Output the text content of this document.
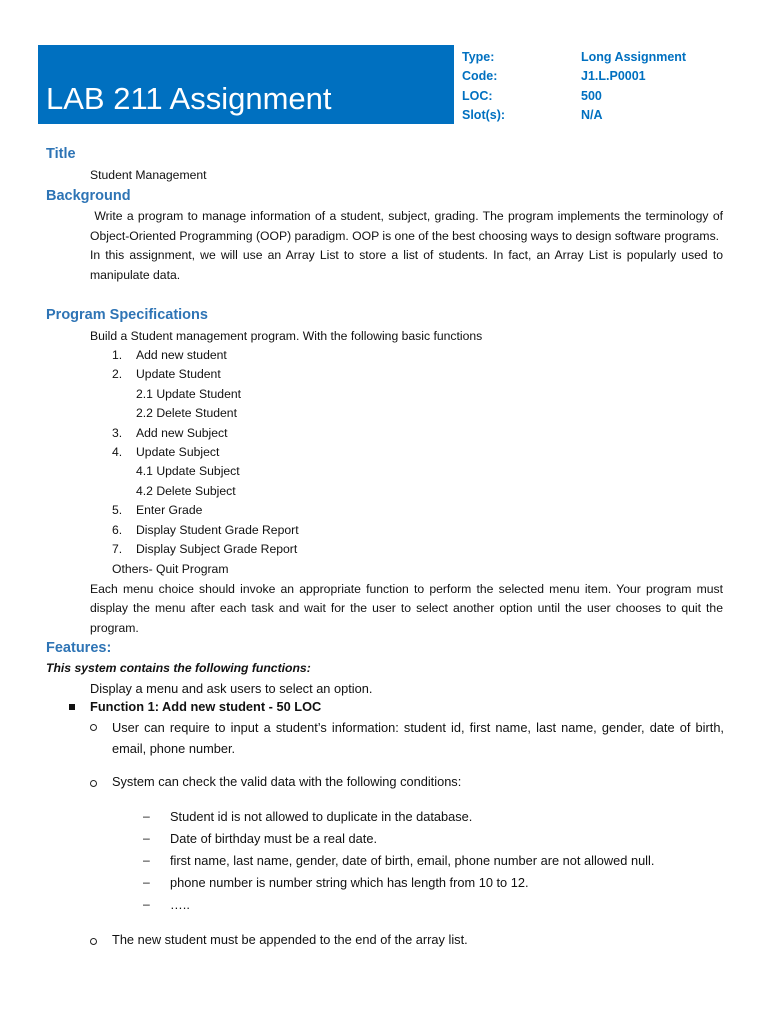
LAB 211 Assignment
Type:	Long Assignment
Code:	J1.L.P0001
LOC:	500
Slot(s):	N/A
Title
Student Management
Background
Write a program to manage information of a student, subject, grading. The program implements the terminology of Object-Oriented Programming (OOP) paradigm. OOP is one of the best choosing ways to design software programs.
In this assignment, we will use an Array List to store a list of students. In fact, an Array List is popularly used to manipulate data.
Program Specifications
Build a Student management program. With the following basic functions
1. Add new student
2. Update Student
2.1 Update Student
2.2 Delete Student
3. Add new Subject
4. Update Subject
4.1 Update Subject
4.2 Delete Subject
5. Enter Grade
6. Display Student Grade Report
7. Display Subject Grade Report
Others- Quit Program
Each menu choice should invoke an appropriate function to perform the selected menu item. Your program must display the menu after each task and wait for the user to select another option until the user chooses to quit the program.
Features:
This system contains the following functions:
Display a menu and ask users to select an option.
Function 1: Add new student - 50 LOC
User can require to input a student’s information: student id, first name, last name, gender, date of birth, email, phone number.
System can check the valid data with the following conditions:
– Student id is not allowed to duplicate in the database.
– Date of birthday must be a real date.
– first name, last name, gender, date of birth, email, phone number are not allowed null.
– phone number is number string which has length from 10 to 12.
– …..
The new student must be appended to the end of the array list.
